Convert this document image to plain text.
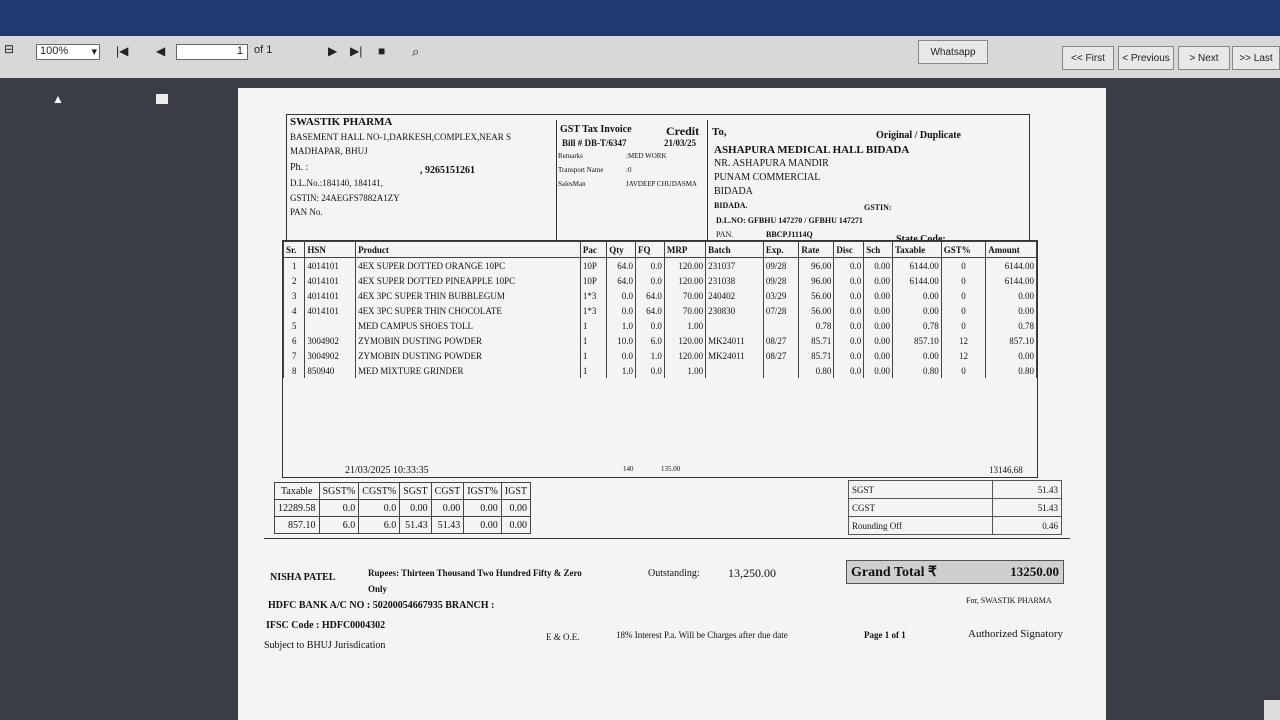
⊟	100% ▾ |◀ ◀	1	of 1	▶ ▶| ■ ⌕	Whatsapp
<< First	< Previous	> Next	>> Last
▲
SWASTIK PHARMA
BASEMENT HALL NO-1,DARKESH,COMPLEX,NEAR S
MADHAPAR, BHUJ
Ph. :	, 9265151261
D.L.No.:184140, 184141,
GSTIN: 24AEGFS7882A1ZY
PAN No.
GST Tax Invoice	Credit
Bill # DB-T/6347	21/03/25
Remarks	:MED WORK
Transport Name	:0
SalesMan	JAVDEEP CHUDASMA
To,	Original / Duplicate
ASHAPURA MEDICAL HALL BIDADA
NR. ASHAPURA MANDIR
PUNAM COMMERCIAL
BIDADA
BIDADA.	GSTIN:
D.L.NO: GFBHU 147270 / GFBHU 147271
PAN.	BBCPJ1114Q	State Code:
Sr.	HSN	Product	Pac	Qty	FQ	MRP	Batch	Exp.	Rate	Disc	Sch	Taxable	GST%	Amount
1	4014101	4EX SUPER DOTTED ORANGE 10PC	10P	64.0	0.0	120.00	231037	09/28	96.00	0.0	0.00	6144.00	0	6144.00
2	4014101	4EX SUPER DOTTED PINEAPPLE 10PC	10P	64.0	0.0	120.00	231038	09/28	96.00	0.0	0.00	6144.00	0	6144.00
3	4014101	4EX 3PC SUPER THIN BUBBLEGUM	1*3	0.0	64.0	70.00	240402	03/29	56.00	0.0	0.00	0.00	0	0.00
4	4014101	4EX 3PC SUPER THIN CHOCOLATE	1*3	0.0	64.0	70.00	230830	07/28	56.00	0.0	0.00	0.00	0	0.00
5		MED CAMPUS SHOES TOLL	1	1.0	0.0	1.00			0.78	0.0	0.00	0.78	0	0.78
6	3004902	ZYMOBIN DUSTING POWDER	1	10.0	6.0	120.00	MK24011	08/27	85.71	0.0	0.00	857.10	12	857.10
7	3004902	ZYMOBIN DUSTING POWDER	1	0.0	1.0	120.00	MK24011	08/27	85.71	0.0	0.00	0.00	12	0.00
8	850940	MED MIXTURE GRINDER	1	1.0	0.0	1.00			0.80	0.0	0.00	0.80	0	0.80
21/03/2025 10:33:35	140	135.00	13146.68
Taxable	SGST%	CGST%	SGST	CGST	IGST%	IGST
12289.58	0.0	0.0	0.00	0.00	0.00	0.00
857.10	6.0	6.0	51.43	51.43	0.00	0.00
SGST	51.43
CGST	51.43
Rounding Off	0.46
NISHA PATEL	Rupees: Thirteen Thousand Two Hundred Fifty & Zero
Only
Outstanding: 13,250.00	Grand Total ₹	13250.00
For, SWASTIK PHARMA
HDFC BANK A/C NO : 50200054667935 BRANCH :
IFSC Code : HDFC0004302
E & O.E.	18% Interest P.a. Will be Charges after due date	Page 1 of 1	Authorized Signatory
Subject to BHUJ Jurisdication
